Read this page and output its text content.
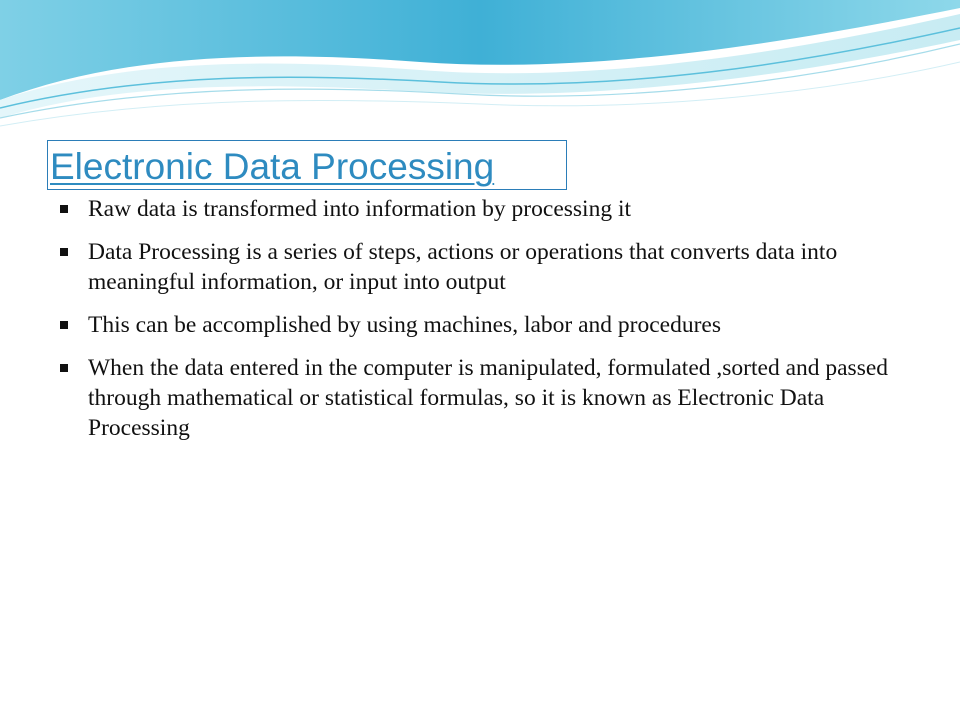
Electronic Data Processing
Raw data is transformed into information by processing it
Data Processing is a series of steps, actions or operations that converts data into meaningful information, or input into output
This can be accomplished by using machines, labor and procedures
When the data entered in the computer is manipulated, formulated ,sorted and passed through mathematical or statistical formulas, so it is known as Electronic Data Processing
